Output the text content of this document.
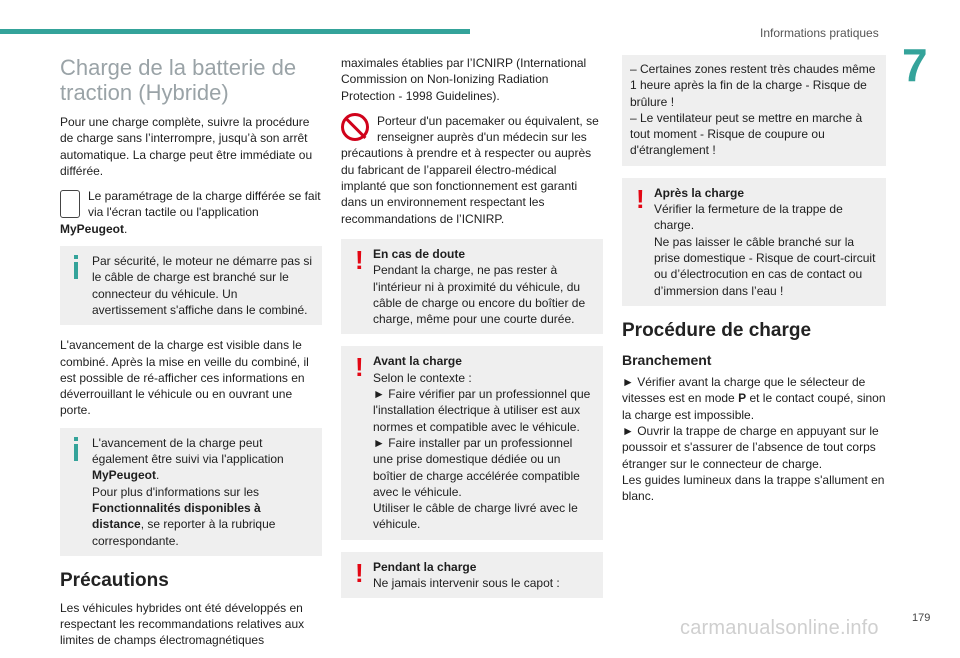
Informations pratiques
7
Charge de la batterie de traction (Hybride)

Pour une charge complète, suivre la procédure de charge sans l’interrompre, jusqu’à son arrêt automatique. La charge peut être immédiate ou différée.

Le paramétrage de la charge différée se fait via l'écran tactile ou l'application MyPeugeot.
Par sécurité, le moteur ne démarre pas si le câble de charge est branché sur le connecteur du véhicule. Un avertissement s'affiche dans le combiné.

L'avancement de la charge est visible dans le combiné. Après la mise en veille du combiné, il est possible de ré-afficher ces informations en déverrouillant le véhicule ou en ouvrant une porte.

L'avancement de la charge peut également être suivi via l'application MyPeugeot.
Pour plus d'informations sur les Fonctionnalités disponibles à distance, se reporter à la rubrique correspondante.
Précautions

Les véhicules hybrides ont été développés en respectant les recommandations relatives aux limites de champs électromagnétiques

maximales établies par l’ICNIRP (International Commission on Non-Ionizing Radiation Protection - 1998 Guidelines).

Porteur d'un pacemaker ou équivalent, se renseigner auprès d'un médecin sur les précautions à prendre et à respecter ou auprès du fabricant de l’appareil électro-médical implanté que son fonctionnement est garanti dans un environnement respectant les recommandations de l’ICNIRP.
! En cas de doute
Pendant la charge, ne pas rester à l'intérieur ni à proximité du véhicule, du câble de charge ou encore du boîtier de charge, même pour une courte durée.
! Avant la charge
Selon le contexte :
► Faire vérifier par un professionnel que l'installation électrique à utiliser est aux normes et compatible avec le véhicule.
► Faire installer par un professionnel une prise domestique dédiée ou un boîtier de charge accélérée compatible avec le véhicule.
Utiliser le câble de charge livré avec le véhicule.
! Pendant la charge
Ne jamais intervenir sous le capot :
– Certaines zones restent très chaudes même 1 heure après la fin de la charge - Risque de brûlure !
– Le ventilateur peut se mettre en marche à tout moment - Risque de coupure ou d'étranglement !
! Après la charge
Vérifier la fermeture de la trappe de charge.
Ne pas laisser le câble branché sur la prise domestique - Risque de court-circuit ou d’électrocution en cas de contact ou d’immersion dans l’eau !
Procédure de charge
Branchement
► Vérifier avant la charge que le sélecteur de vitesses est en mode P et le contact coupé, sinon la charge est impossible.
► Ouvrir la trappe de charge en appuyant sur le poussoir et s'assurer de l’absence de tout corps étranger sur le connecteur de charge.
Les guides lumineux dans la trappe s'allument en blanc.
carmanualsonline.info	179
